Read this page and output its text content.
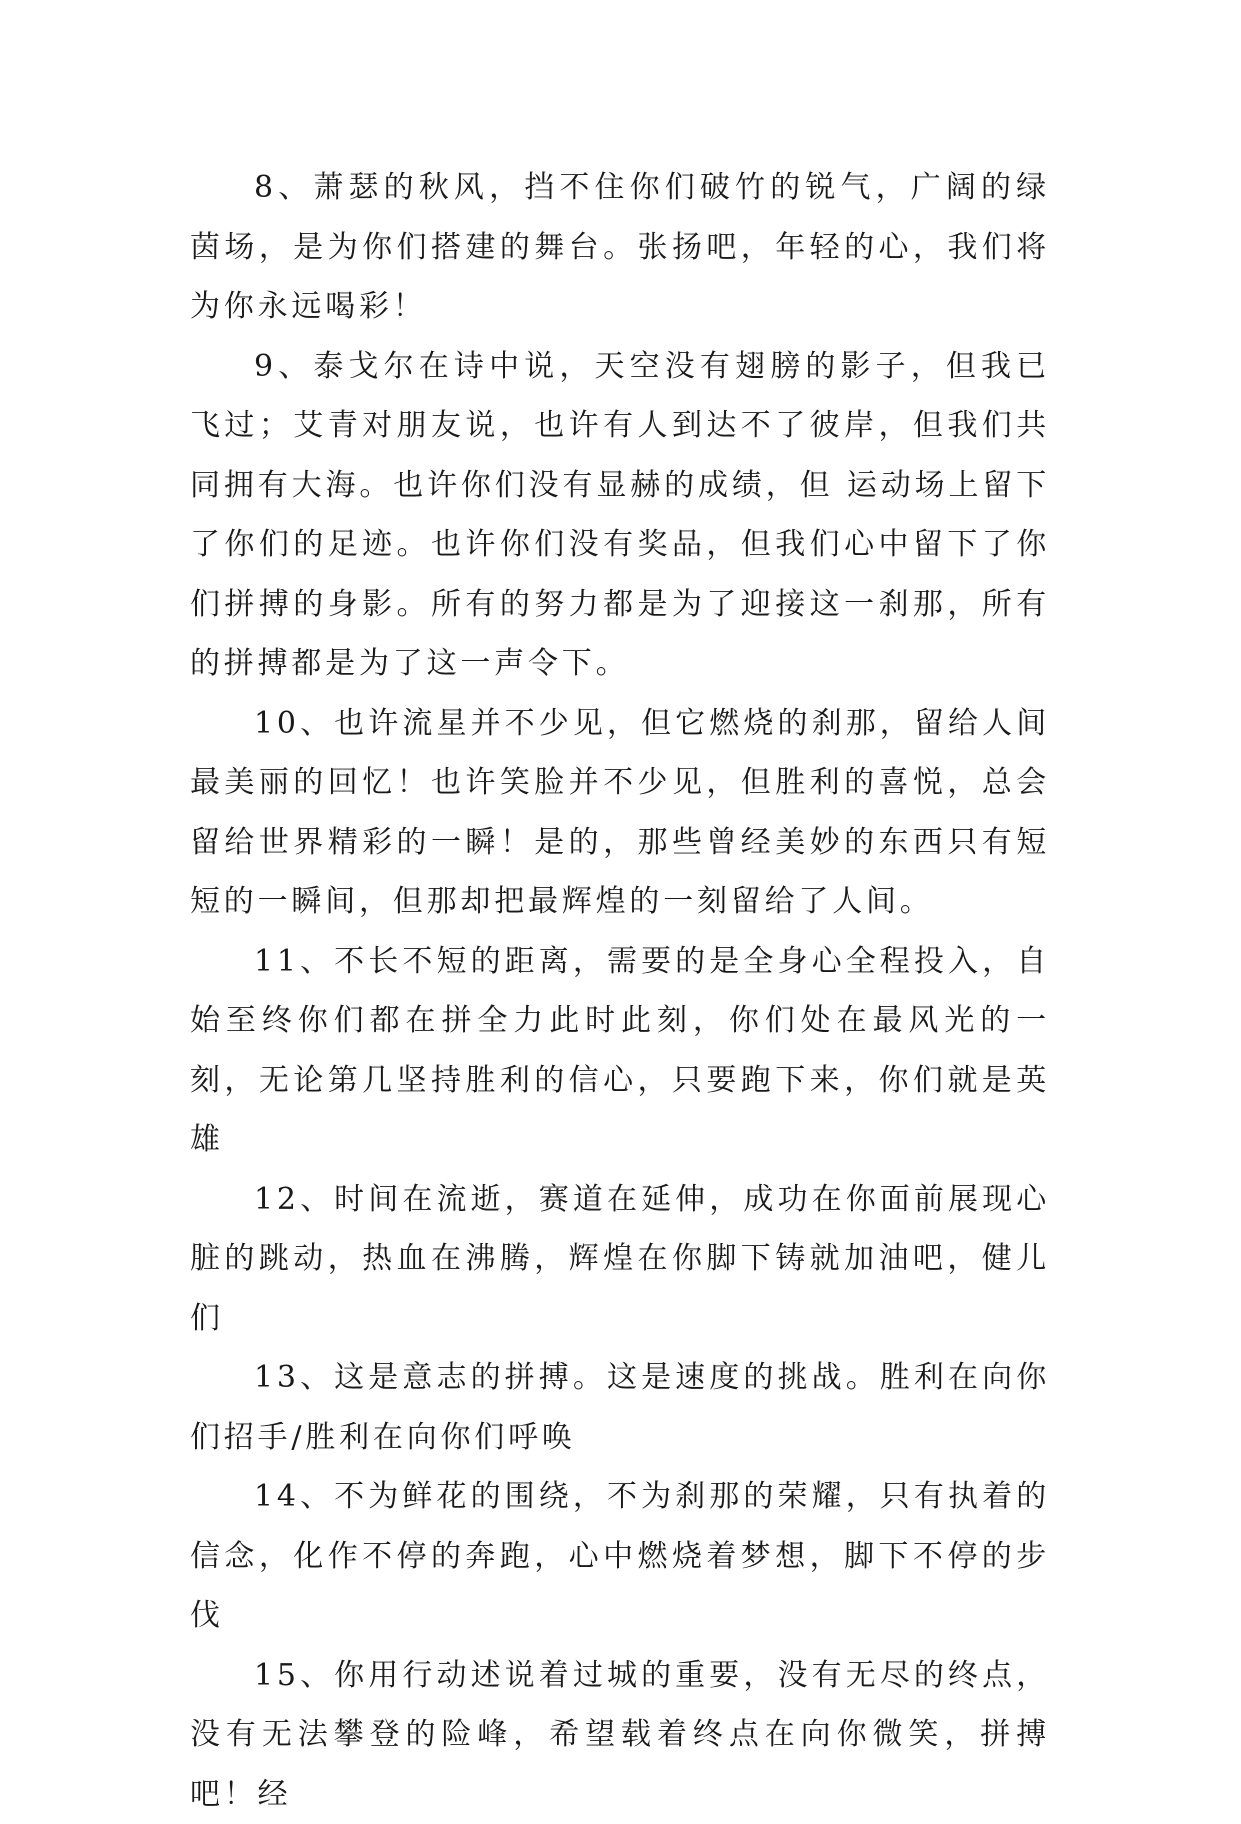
8、萧瑟的秋风，挡不住你们破竹的锐气，广阔的绿茵场，是为你们搭建的舞台。张扬吧，年轻的心，我们将为你永远喝彩！

9、泰戈尔在诗中说，天空没有翅膀的影子，但我已飞过；艾青对朋友说，也许有人到达不了彼岸，但我们共同拥有大海。也许你们没有显赫的成绩，但 运动场上留下了你们的足迹。也许你们没有奖品，但我们心中留下了你们拼搏的身影。所有的努力都是为了迎接这一刹那，所有的拼搏都是为了这一声令下。

10、也许流星并不少见，但它燃烧的刹那，留给人间最美丽的回忆！也许笑脸并不少见，但胜利的喜悦，总会留给世界精彩的一瞬！是的，那些曾经美妙的东西只有短短的一瞬间，但那却把最辉煌的一刻留给了人间。

11、不长不短的距离，需要的是全身心全程投入，自始至终你们都在拼全力此时此刻，你们处在最风光的一刻，无论第几坚持胜利的信心，只要跑下来，你们就是英雄

12、时间在流逝，赛道在延伸，成功在你面前展现心脏的跳动，热血在沸腾，辉煌在你脚下铸就加油吧，健儿们

13、这是意志的拼搏。这是速度的挑战。胜利在向你们招手/胜利在向你们呼唤

14、不为鲜花的围绕，不为刹那的荣耀，只有执着的信念，化作不停的奔跑，心中燃烧着梦想，脚下不停的步伐

15、你用行动述说着过城的重要，没有无尽的终点，没有无法攀登的险峰，希望载着终点在向你微笑，拼搏吧！经
